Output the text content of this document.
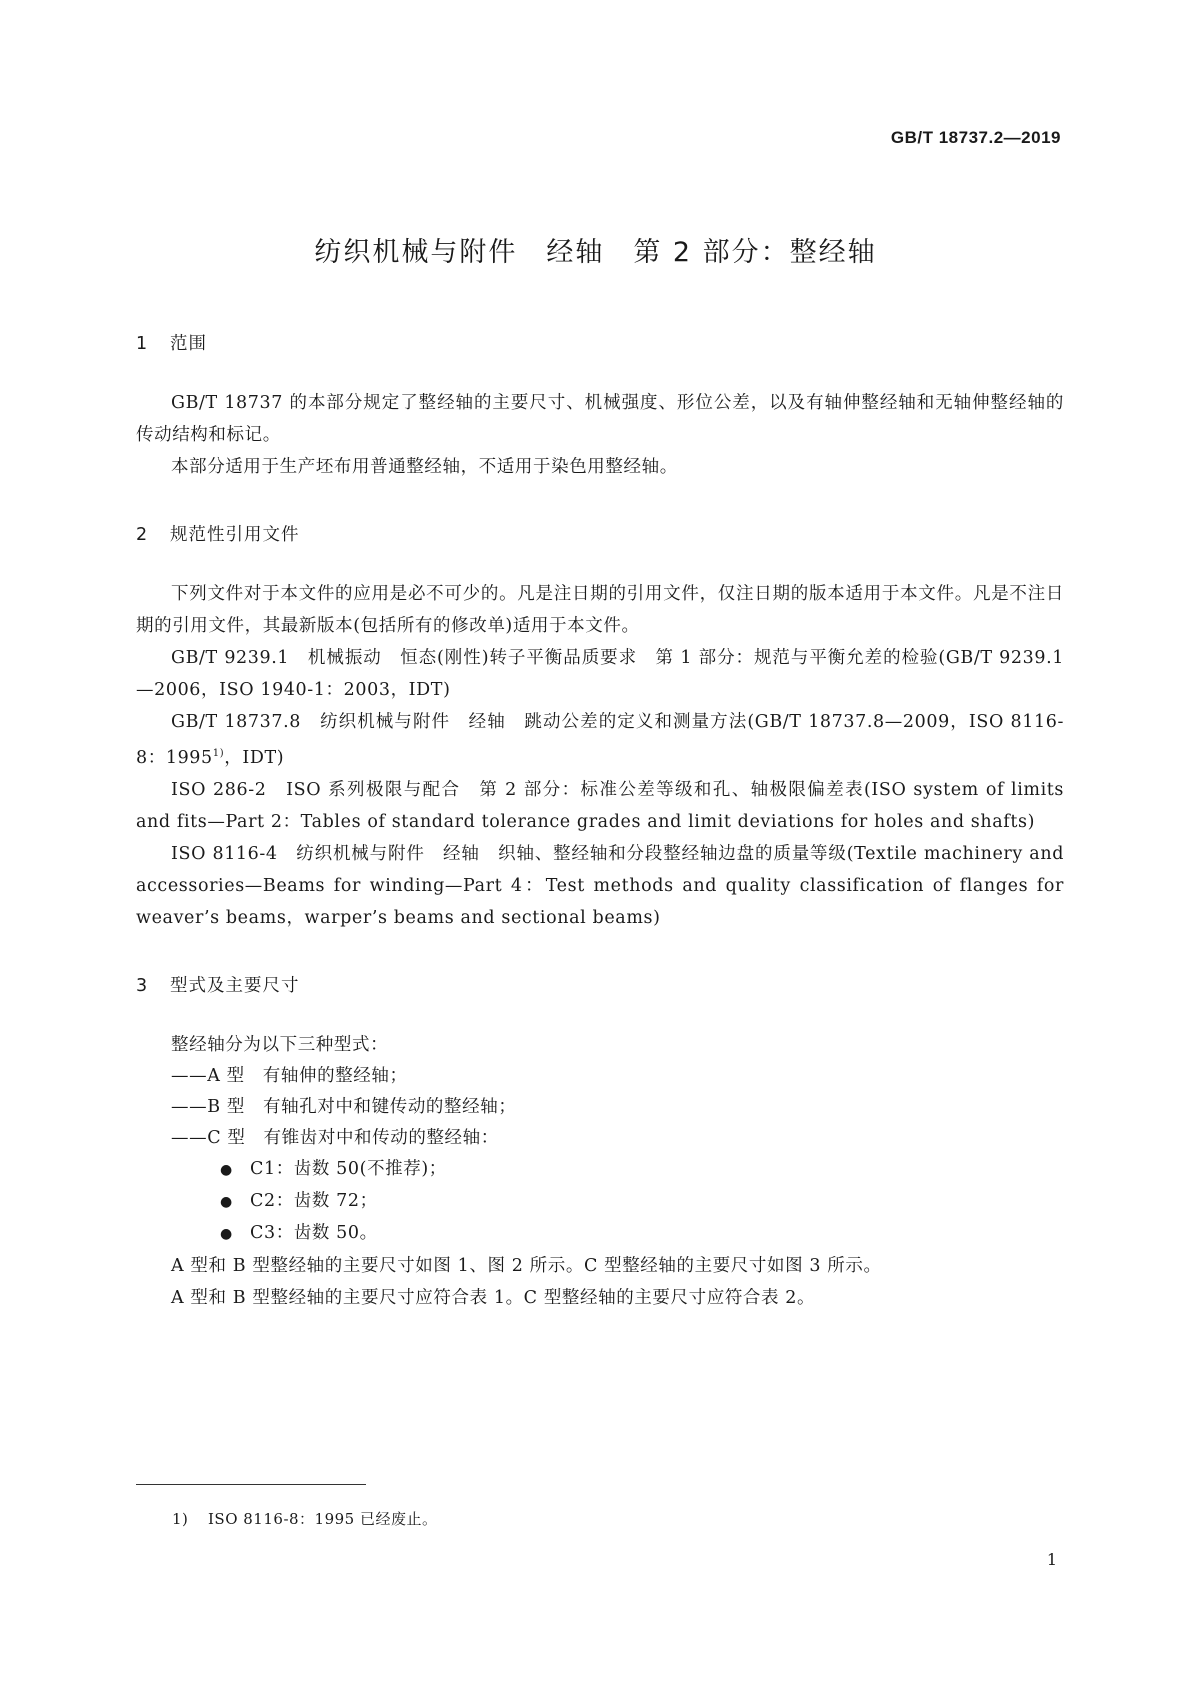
GB/T 18737.2—2019
纺织机械与附件　经轴　第 2 部分：整经轴

1 范围

GB/T 18737 的本部分规定了整经轴的主要尺寸、机械强度、形位公差，以及有轴伸整经轴和无轴伸整经轴的传动结构和标记。

本部分适用于生产坯布用普通整经轴，不适用于染色用整经轴。

2 规范性引用文件

下列文件对于本文件的应用是必不可少的。凡是注日期的引用文件，仅注日期的版本适用于本文件。凡是不注日期的引用文件，其最新版本(包括所有的修改单)适用于本文件。

GB/T 9239.1　机械振动　恒态(刚性)转子平衡品质要求　第 1 部分：规范与平衡允差的检验(GB/T 9239.1—2006，ISO 1940-1：2003，IDT)

GB/T 18737.8　纺织机械与附件　经轴　跳动公差的定义和测量方法(GB/T 18737.8—2009，ISO 8116-8：1995$^{1)}$，IDT)

ISO 286-2　ISO 系列极限与配合　第 2 部分：标准公差等级和孔、轴极限偏差表(ISO system of limits and fits—Part 2：Tables of standard tolerance grades and limit deviations for holes and shafts)

ISO 8116-4　纺织机械与附件　经轴　织轴、整经轴和分段整经轴边盘的质量等级(Textile machinery and accessories—Beams for winding—Part 4：Test methods and quality classification of flanges for weaver’s beams，warper’s beams and sectional beams)

3 型式及主要尺寸

整经轴分为以下三种型式：

——A 型　有轴伸的整经轴；

——B 型　有轴孔对中和键传动的整经轴；

——C 型　有锥齿对中和传动的整经轴：

● C1：齿数 50(不推荐)；

● C2：齿数 72；

● C3：齿数 50。

A 型和 B 型整经轴的主要尺寸如图 1、图 2 所示。C 型整经轴的主要尺寸如图 3 所示。

A 型和 B 型整经轴的主要尺寸应符合表 1。C 型整经轴的主要尺寸应符合表 2。

1) ISO 8116-8：1995 已经废止。
1
